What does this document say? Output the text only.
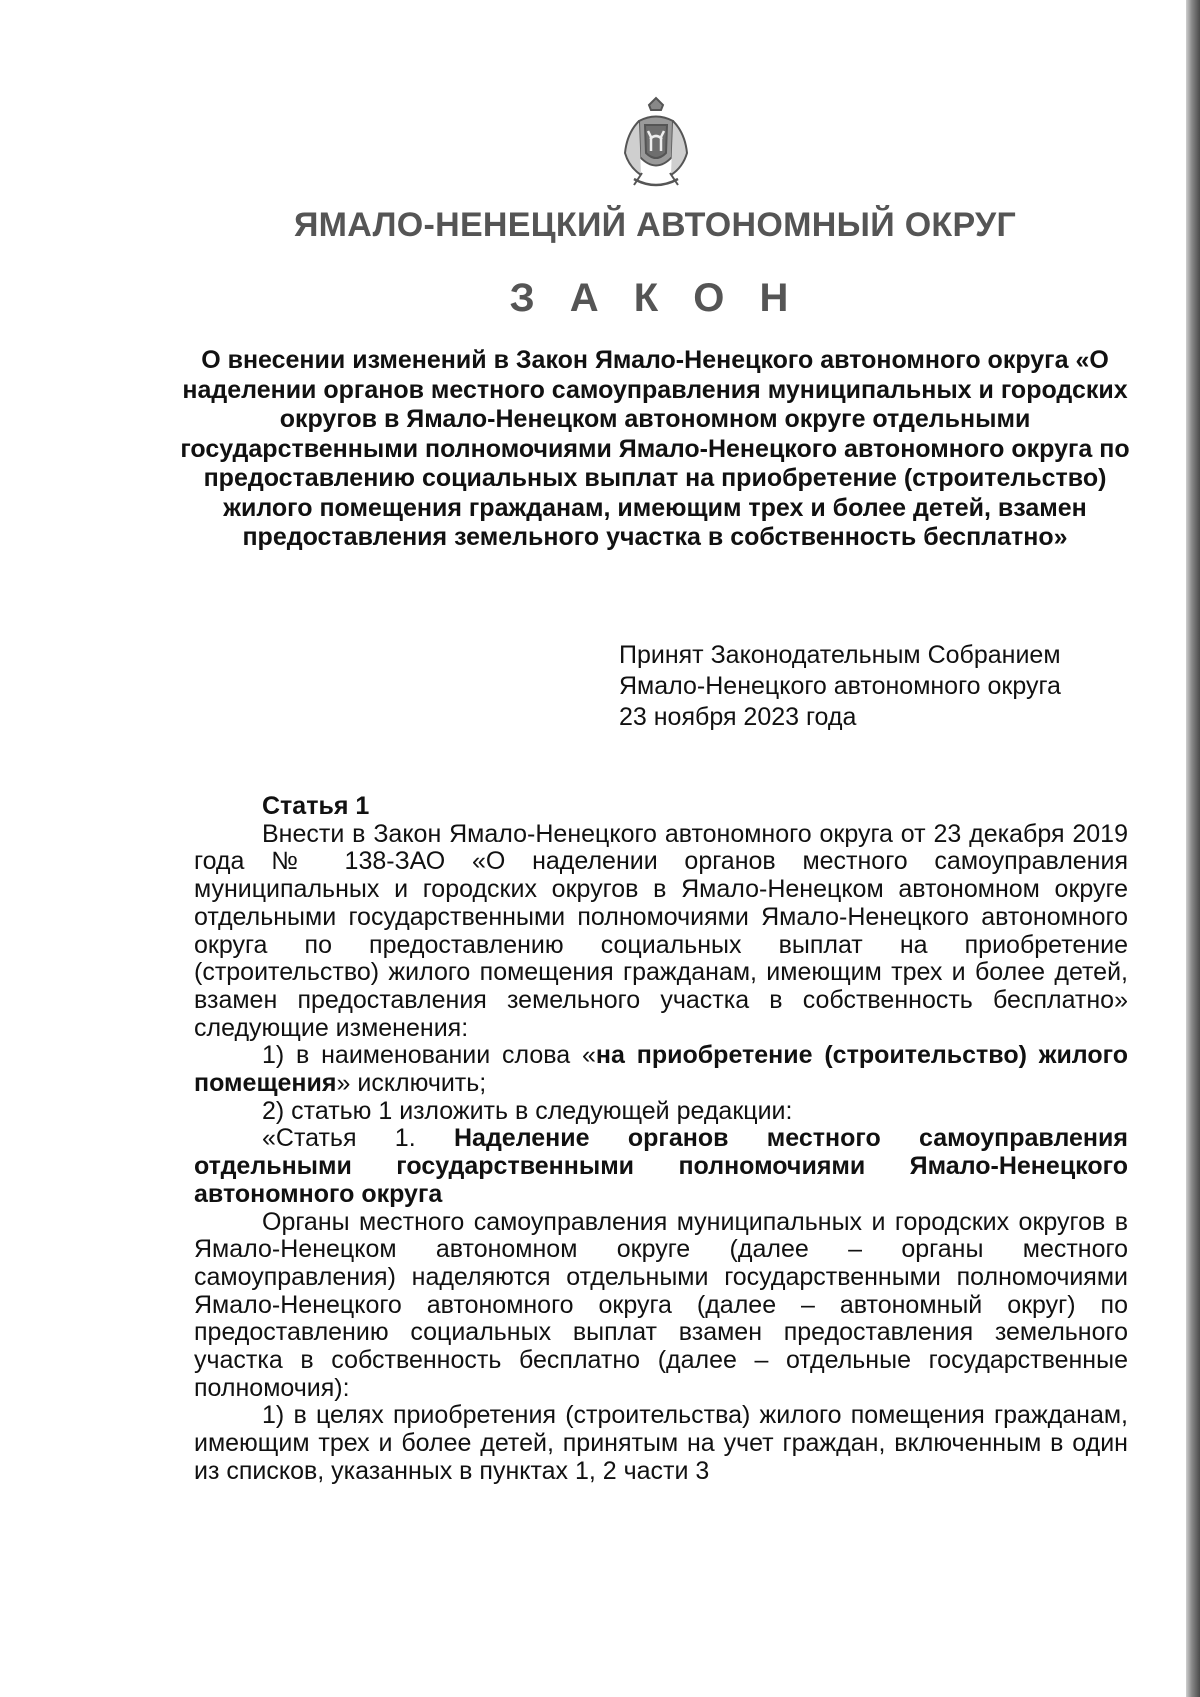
ЯМАЛО-НЕНЕЦКИЙ АВТОНОМНЫЙ ОКРУГ
З А К О Н
О внесении изменений в Закон Ямало-Ненецкого автономного округа «О наделении органов местного самоуправления муниципальных и городских округов в Ямало-Ненецком автономном округе отдельными государственными полномочиями Ямало-Ненецкого автономного округа по предоставлению социальных выплат на приобретение (строительство) жилого помещения гражданам, имеющим трех и более детей, взамен предоставления земельного участка в собственность бесплатно»
Принят Законодательным Собранием
Ямало-Ненецкого автономного округа
23 ноября 2023 года

Статья 1

Внести в Закон Ямало-Ненецкого автономного округа от 23 декабря 2019 года № 138-ЗАО «О наделении органов местного самоуправления муниципальных и городских округов в Ямало-Ненецком автономном округе отдельными государственными полномочиями Ямало-Ненецкого автономного округа по предоставлению социальных выплат на приобретение (строительство) жилого помещения гражданам, имеющим трех и более детей, взамен предоставления земельного участка в собственность бесплатно» следующие изменения:

1) в наименовании слова «на приобретение (строительство) жилого помещения» исключить;

2) статью 1 изложить в следующей редакции:

«Статья 1. Наделение органов местного самоуправления отдельными государственными полномочиями Ямало-Ненецкого автономного округа

Органы местного самоуправления муниципальных и городских округов в Ямало-Ненецком автономном округе (далее – органы местного самоуправления) наделяются отдельными государственными полномочиями Ямало-Ненецкого автономного округа (далее – автономный округ) по предоставлению социальных выплат взамен предоставления земельного участка в собственность бесплатно (далее – отдельные государственные полномочия):

1) в целях приобретения (строительства) жилого помещения гражданам, имеющим трех и более детей, принятым на учет граждан, включенным в один из списков, указанных в пунктах 1, 2 части 3
